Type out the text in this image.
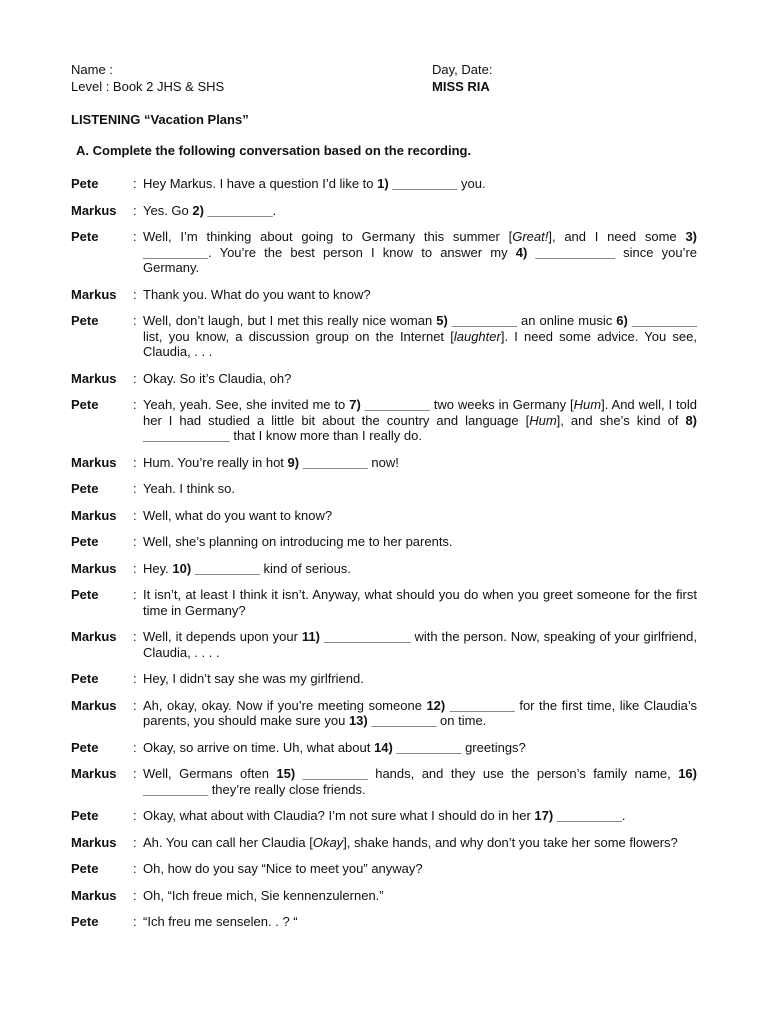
Name :
Level : Book 2 JHS & SHS
Day, Date:
MISS RIA
LISTENING “Vacation Plans”
A. Complete the following conversation based on the recording.
Pete	: Hey Markus. I have a question I’d like to 1) _________ you.
Markus	: Yes. Go 2) _________.
Pete	: Well, I’m thinking about going to Germany this summer [Great!], and I need some 3) _________. You’re the best person I know to answer my 4) ___________ since you’re Germany.
Markus	: Thank you. What do you want to know?
Pete	: Well, don’t laugh, but I met this really nice woman 5) _________ an online music 6) _________ list, you know, a discussion group on the Internet [laughter]. I need some advice. You see, Claudia, . . .
Markus	: Okay. So it’s Claudia, oh?
Pete	: Yeah, yeah. See, she invited me to 7) _________ two weeks in Germany [Hum]. And well, I told her I had studied a little bit about the country and language [Hum], and she’s kind of 8) ____________ that I know more than I really do.
Markus	: Hum. You’re really in hot 9) _________ now!
Pete	: Yeah. I think so.
Markus	: Well, what do you want to know?
Pete	: Well, she’s planning on introducing me to her parents.
Markus	: Hey. 10) _________ kind of serious.
Pete	: It isn’t, at least I think it isn’t. Anyway, what should you do when you greet someone for the first time in Germany?
Markus	: Well, it depends upon your 11) ____________ with the person. Now, speaking of your girlfriend, Claudia, . . . .
Pete	: Hey, I didn’t say she was my girlfriend.
Markus	: Ah, okay, okay. Now if you’re meeting someone 12) _________ for the first time, like Claudia’s parents, you should make sure you 13) _________ on time.
Pete	: Okay, so arrive on time. Uh, what about 14) _________ greetings?
Markus	: Well, Germans often 15) _________ hands, and they use the person’s family name, 16) _________ they’re really close friends.
Pete	: Okay, what about with Claudia? I’m not sure what I should do in her 17) _________.
Markus	: Ah. You can call her Claudia [Okay], shake hands, and why don’t you take her some flowers?
Pete	: Oh, how do you say “Nice to meet you” anyway?
Markus	: Oh, “Ich freue mich, Sie kennenzulernen.”
Pete	: “Ich freu me senselen. . ? “
